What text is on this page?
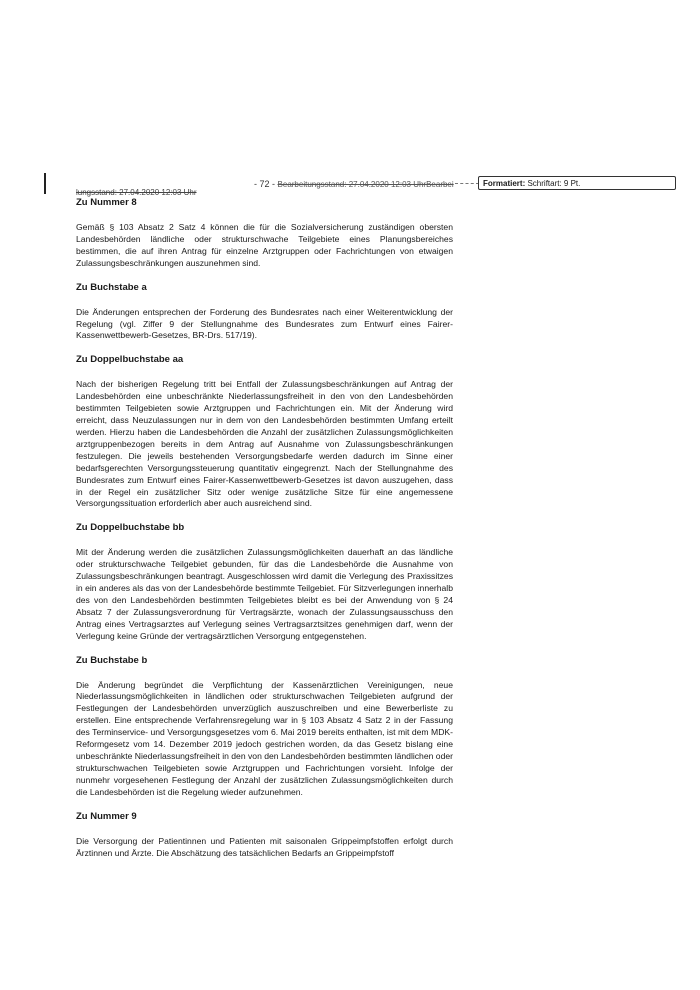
lungsstand: 27.04.2020 12:03 Uhr
- 72 - Bearbeitungsstand: 27.04.2020 12:03 UhrBearbei	Formatiert: Schriftart: 9 Pt.
Zu Nummer 8

Gemäß § 103 Absatz 2 Satz 4 können die für die Sozialversicherung zuständigen obersten Landesbehörden ländliche oder strukturschwache Teilgebiete eines Planungsbereiches bestimmen, die auf ihren Antrag für einzelne Arztgruppen oder Fachrichtungen von etwaigen Zulassungsbeschränkungen auszunehmen sind.

Zu Buchstabe a

Die Änderungen entsprechen der Forderung des Bundesrates nach einer Weiterentwicklung der Regelung (vgl. Ziffer 9 der Stellungnahme des Bundesrates zum Entwurf eines Fairer-Kassenwettbewerb-Gesetzes, BR-Drs. 517/19).

Zu Doppelbuchstabe aa

Nach der bisherigen Regelung tritt bei Entfall der Zulassungsbeschränkungen auf Antrag der Landesbehörden eine unbeschränkte Niederlassungsfreiheit in den von den Landesbehörden bestimmten Teilgebieten sowie Arztgruppen und Fachrichtungen ein. Mit der Änderung wird erreicht, dass Neuzulassungen nur in dem von den Landesbehörden bestimmten Umfang erteilt werden. Hierzu haben die Landesbehörden die Anzahl der zusätzlichen Zulassungsmöglichkeiten arztgruppenbezogen bereits in dem Antrag auf Ausnahme von Zulassungsbeschränkungen festzulegen. Die jeweils bestehenden Versorgungsbedarfe werden dadurch im Sinne einer bedarfsgerechten Versorgungssteuerung quantitativ eingegrenzt. Nach der Stellungnahme des Bundesrates zum Entwurf eines Fairer-Kassenwettbewerb-Gesetzes ist davon auszugehen, dass in der Regel ein zusätzlicher Sitz oder wenige zusätzliche Sitze für eine angemessene Versorgungssituation erforderlich aber auch ausreichend sind.

Zu Doppelbuchstabe bb

Mit der Änderung werden die zusätzlichen Zulassungsmöglichkeiten dauerhaft an das ländliche oder strukturschwache Teilgebiet gebunden, für das die Landesbehörde die Ausnahme von Zulassungsbeschränkungen beantragt. Ausgeschlossen wird damit die Verlegung des Praxissitzes in ein anderes als das von der Landesbehörde bestimmte Teilgebiet. Für Sitzverlegungen innerhalb des von den Landesbehörden bestimmten Teilgebietes bleibt es bei der Anwendung von § 24 Absatz 7 der Zulassungsverordnung für Vertragsärzte, wonach der Zulassungsausschuss den Antrag eines Vertragsarztes auf Verlegung seines Vertragsarztsitzes genehmigen darf, wenn der Verlegung keine Gründe der vertragsärztlichen Versorgung entgegenstehen.

Zu Buchstabe b

Die Änderung begründet die Verpflichtung der Kassenärztlichen Vereinigungen, neue Niederlassungsmöglichkeiten in ländlichen oder strukturschwachen Teilgebieten aufgrund der Festlegungen der Landesbehörden unverzüglich auszuschreiben und eine Bewerberliste zu erstellen. Eine entsprechende Verfahrensregelung war in § 103 Absatz 4 Satz 2 in der Fassung des Terminservice- und Versorgungsgesetzes vom 6. Mai 2019 bereits enthalten, ist mit dem MDK-Reformgesetz vom 14. Dezember 2019 jedoch gestrichen worden, da das Gesetz bislang eine unbeschränkte Niederlassungsfreiheit in den von den Landesbehörden bestimmten ländlichen oder strukturschwachen Teilgebieten sowie Arztgruppen und Fachrichtungen vorsieht. Infolge der nunmehr vorgesehenen Festlegung der Anzahl der zusätzlichen Zulassungsmöglichkeiten durch die Landesbehörden ist die Regelung wieder aufzunehmen.

Zu Nummer 9

Die Versorgung der Patientinnen und Patienten mit saisonalen Grippeimpfstoffen erfolgt durch Ärztinnen und Ärzte. Die Abschätzung des tatsächlichen Bedarfs an Grippeimpfstoff
